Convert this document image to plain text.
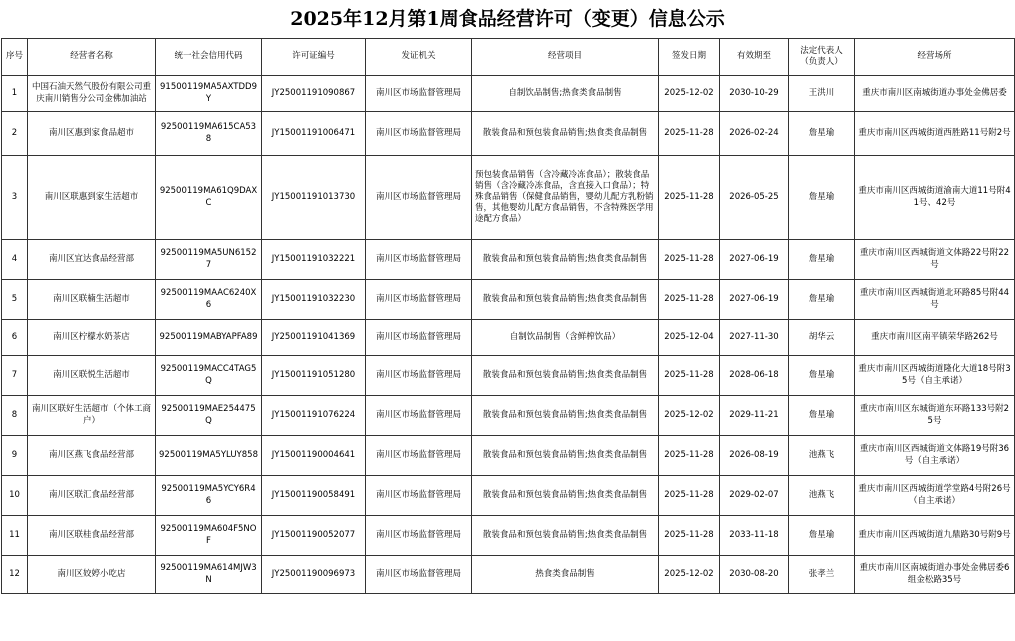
2025年12月第1周食品经营许可（变更）信息公示
序号	经营者名称	统一社会信用代码	许可证编号	发证机关	经营项目	签发日期	有效期至	法定代表人（负责人）	经营场所
1	中国石油天然气股份有限公司重庆南川销售分公司金佛加油站	91500119MA5AXTDD9Y	JY25001191090867	南川区市场监督管理局	自制饮品制售;热食类食品制售	2025-12-02	2030-10-29	王洪川	重庆市南川区南城街道办事处金佛居委
2	南川区惠到家食品超市	92500119MA615CA538	JY15001191006471	南川区市场监督管理局	散装食品和预包装食品销售;热食类食品制售	2025-11-28	2026-02-24	詹星瑜	重庆市南川区西城街道西胜路11号附2号
3	南川区联惠到家生活超市	92500119MA61Q9DAXC	JY15001191013730	南川区市场监督管理局	预包装食品销售（含冷藏冷冻食品）；散装食品销售（含冷藏冷冻食品，含直接入口食品）；特殊食品销售（保健食品销售，婴幼儿配方乳粉销售，其他婴幼儿配方食品销售，不含特殊医学用途配方食品）	2025-11-28	2026-05-25	詹星瑜	重庆市南川区西城街道渝南大道11号附41号、42号
4	南川区宜达食品经营部	92500119MA5UN61527	JY15001191032221	南川区市场监督管理局	散装食品和预包装食品销售;热食类食品制售	2025-11-28	2027-06-19	詹星瑜	重庆市南川区西城街道文体路22号附22号
5	南川区联楠生活超市	92500119MAAC6240X6	JY15001191032230	南川区市场监督管理局	散装食品和预包装食品销售;热食类食品制售	2025-11-28	2027-06-19	詹星瑜	重庆市南川区西城街道北环路85号附44号
6	南川区柠檬水奶茶店	92500119MABYAPFA89	JY25001191041369	南川区市场监督管理局	自制饮品制售（含鲜榨饮品）	2025-12-04	2027-11-30	胡华云	重庆市南川区南平镇荣华路262号
7	南川区联悦生活超市	92500119MACC4TAG5Q	JY15001191051280	南川区市场监督管理局	散装食品和预包装食品销售;热食类食品制售	2025-11-28	2028-06-18	詹星瑜	重庆市南川区西城街道隆化大道18号附35号（自主承诺）
8	南川区联好生活超市（个体工商户）	92500119MAE254475Q	JY15001191076224	南川区市场监督管理局	散装食品和预包装食品销售;热食类食品制售	2025-12-02	2029-11-21	詹星瑜	重庆市南川区东城街道东环路133号附25号
9	南川区燕飞食品经营部	92500119MA5YLUY858	JY15001190004641	南川区市场监督管理局	散装食品和预包装食品销售;热食类食品制售	2025-11-28	2026-08-19	池燕飞	重庆市南川区西城街道文体路19号附36号（自主承诺）
10	南川区联汇食品经营部	92500119MA5YCY6R46	JY15001190058491	南川区市场监督管理局	散装食品和预包装食品销售;热食类食品制售	2025-11-28	2029-02-07	池燕飞	重庆市南川区西城街道学堂路4号附26号（自主承诺）
11	南川区联桂食品经营部	92500119MA604F5NOF	JY15001190052077	南川区市场监督管理局	散装食品和预包装食品销售;热食类食品制售	2025-11-28	2033-11-18	詹星瑜	重庆市南川区西城街道九鼎路30号附9号
12	南川区姣婷小吃店	92500119MA614MJW3N	JY25001190096973	南川区市场监督管理局	热食类食品制售	2025-12-02	2030-08-20	张孝兰	重庆市南川区南城街道办事处金佛居委6组金松路35号
